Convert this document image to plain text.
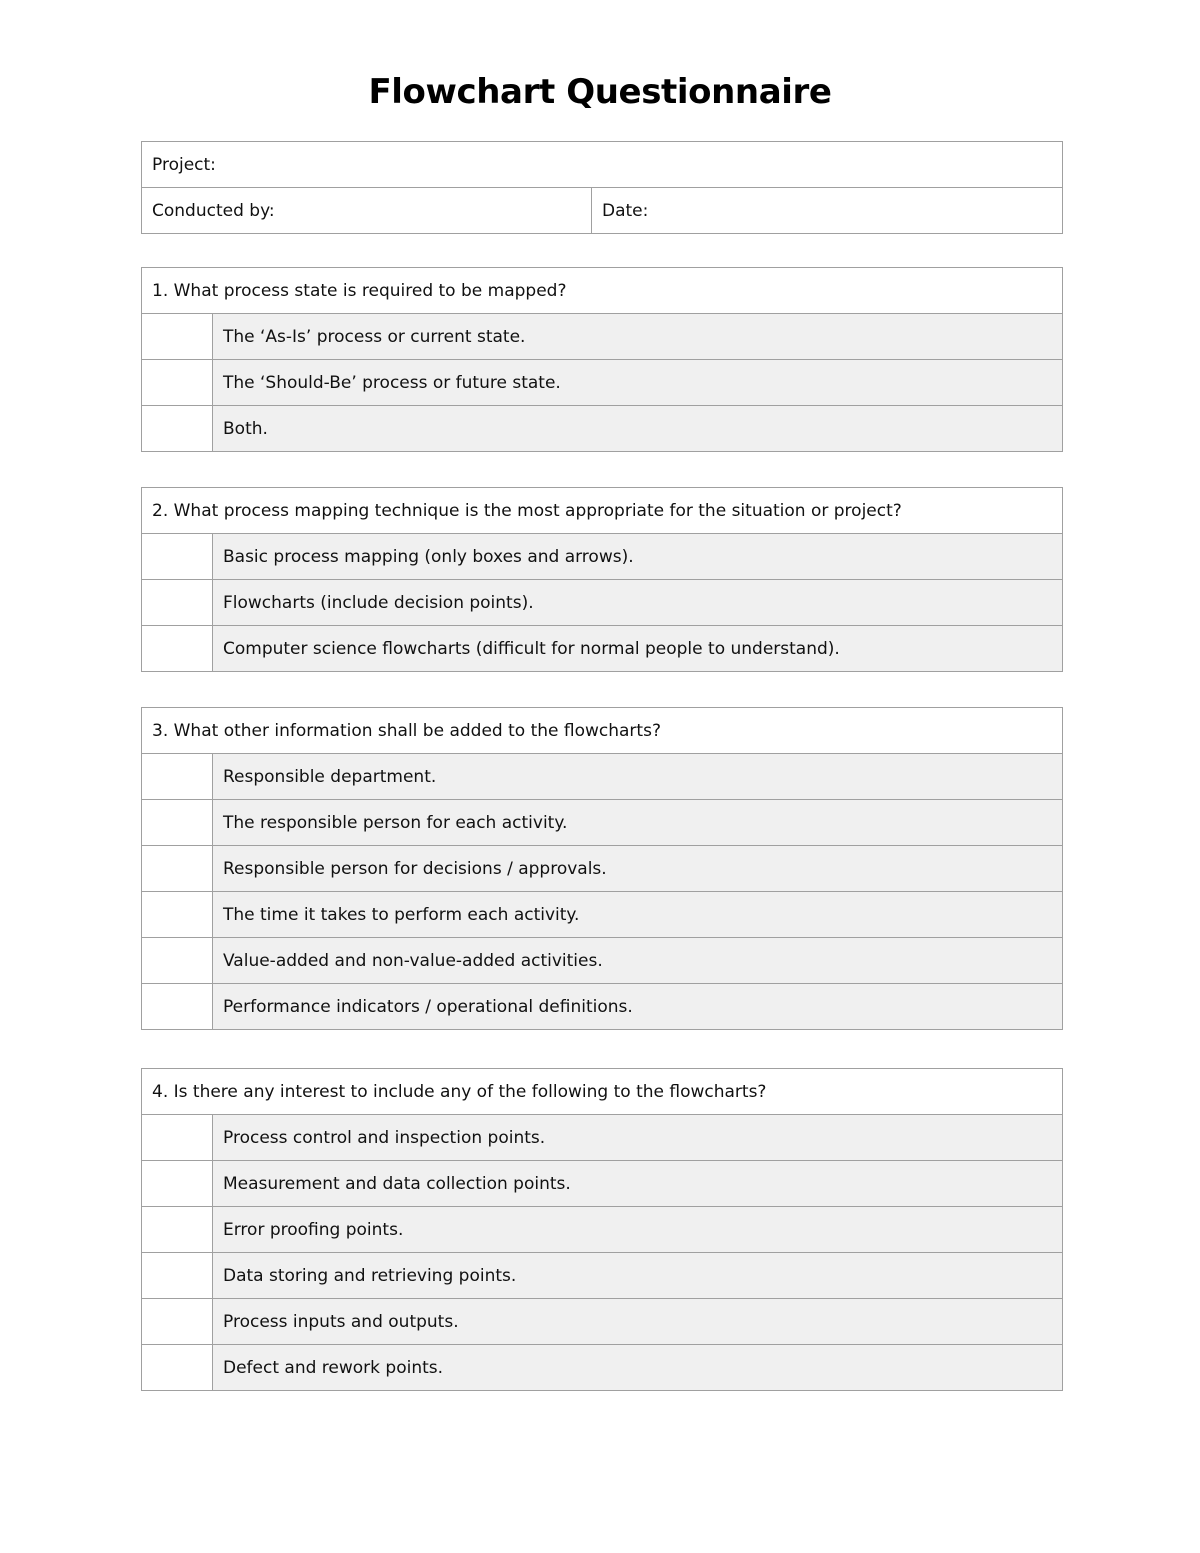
Flowchart Questionnaire
Project:
Conducted by:	Date:
1. What process state is required to be mapped?	
	The ‘As-Is’ process or current state.
	The ‘Should-Be’ process or future state.
	Both.
2. What process mapping technique is the most appropriate for the situation or project?	
	Basic process mapping (only boxes and arrows).
	Flowcharts (include decision points).
	Computer science flowcharts (difficult for normal people to understand).
3. What other information shall be added to the flowcharts?	
	Responsible department.
	The responsible person for each activity.
	Responsible person for decisions / approvals.
	The time it takes to perform each activity.
	Value-added and non-value-added activities.
	Performance indicators / operational definitions.
4. Is there any interest to include any of the following to the flowcharts?	
	Process control and inspection points.
	Measurement and data collection points.
	Error proofing points.
	Data storing and retrieving points.
	Process inputs and outputs.
	Defect and rework points.
